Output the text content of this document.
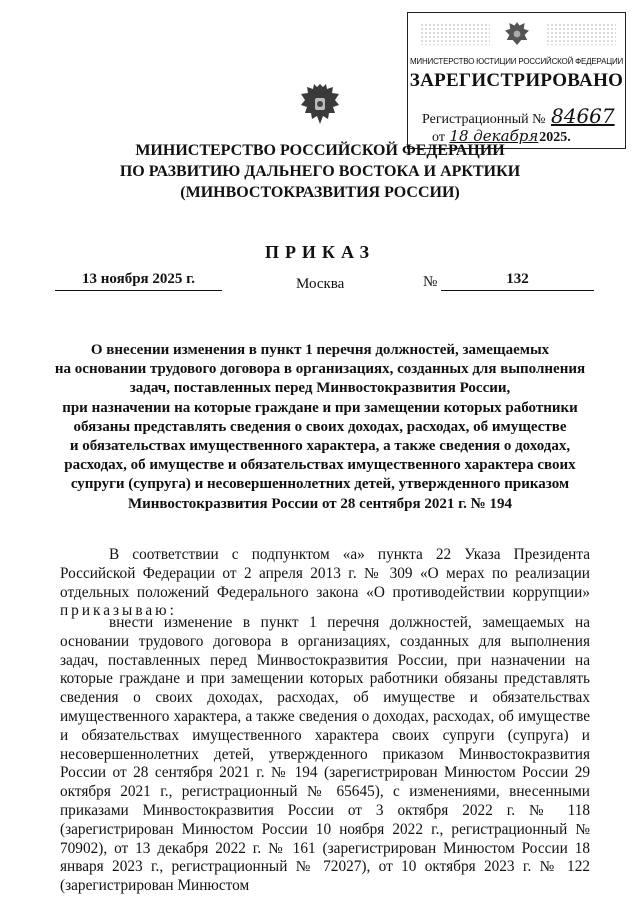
МИНИСТЕРСТВО ЮСТИЦИИ РОССИЙСКОЙ ФЕДЕРАЦИИ
ЗАРЕГИСТРИРОВАНО
Регистрационный № 84667
от 18 декабря2025.
МИНИСТЕРСТВО РОССИЙСКОЙ ФЕДЕРАЦИИ
ПО РАЗВИТИЮ ДАЛЬНЕГО ВОСТОКА И АРКТИКИ
(МИНВОСТОКРАЗВИТИЯ РОССИИ)
ПРИКАЗ
13 ноября 2025 г.	Москва	№	132
О внесении изменения в пункт 1 перечня должностей, замещаемых
на основании трудового договора в организациях, созданных для выполнения
задач, поставленных перед Минвостокразвития России,
при назначении на которые граждане и при замещении которых работники
обязаны представлять сведения о своих доходах, расходах, об имуществе
и обязательствах имущественного характера, а также сведения о доходах,
расходах, об имуществе и обязательствах имущественного характера своих
супруги (супруга) и несовершеннолетних детей, утвержденного приказом
Минвостокразвития России от 28 сентября 2021 г. № 194
В соответствии с подпунктом «а» пункта 22 Указа Президента Российской Федерации от 2 апреля 2013 г. № 309 «О мерах по реализации отдельных положений Федерального закона «О противодействии коррупции» приказываю:
внести изменение в пункт 1 перечня должностей, замещаемых на основании трудового договора в организациях, созданных для выполнения задач, поставленных перед Минвостокразвития России, при назначении на которые граждане и при замещении которых работники обязаны представлять сведения о своих доходах, расходах, об имуществе и обязательствах имущественного характера, а также сведения о доходах, расходах, об имуществе и обязательствах имущественного характера своих супруги (супруга) и несовершеннолетних детей, утвержденного приказом Минвостокразвития России от 28 сентября 2021 г. № 194 (зарегистрирован Минюстом России 29 октября 2021 г., регистрационный № 65645), с изменениями, внесенными приказами Минвостокразвития России от 3 октября 2022 г. № 118 (зарегистрирован Минюстом России 10 ноября 2022 г., регистрационный № 70902), от 13 декабря 2022 г. № 161 (зарегистрирован Минюстом России 18 января 2023 г., регистрационный № 72027), от 10 октября 2023 г. № 122 (зарегистрирован Минюстом
